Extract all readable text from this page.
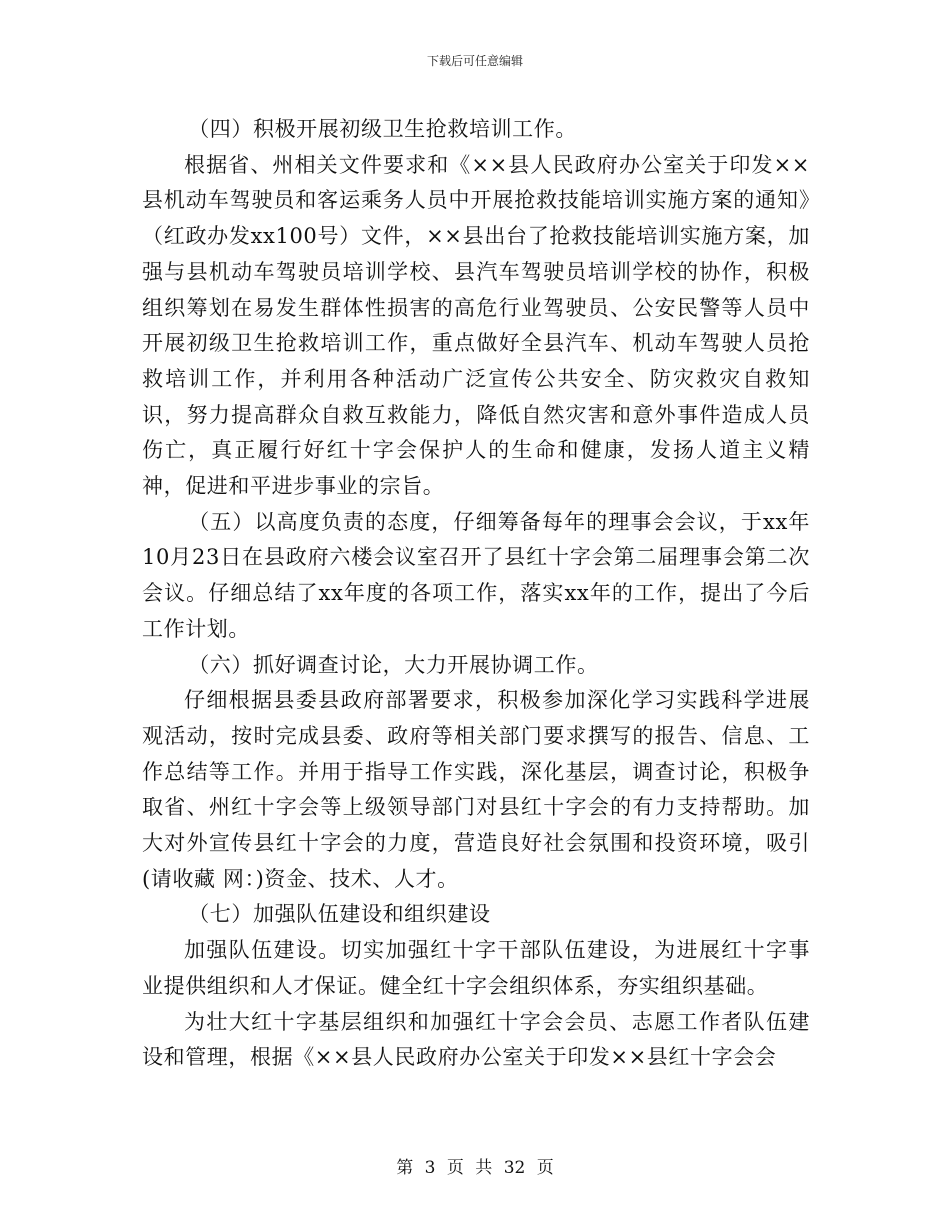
下载后可任意编辑

（四）积极开展初级卫生抢救培训工作。

根据省、州相关文件要求和《××县人民政府办公室关于印发××县机动车驾驶员和客运乘务人员中开展抢救技能培训实施方案的通知》（红政办发xx100号）文件，××县出台了抢救技能培训实施方案，加强与县机动车驾驶员培训学校、县汽车驾驶员培训学校的协作，积极组织筹划在易发生群体性损害的高危行业驾驶员、公安民警等人员中开展初级卫生抢救培训工作，重点做好全县汽车、机动车驾驶人员抢救培训工作，并利用各种活动广泛宣传公共安全、防灾救灾自救知识，努力提高群众自救互救能力，降低自然灾害和意外事件造成人员伤亡，真正履行好红十字会保护人的生命和健康，发扬人道主义精神，促进和平进步事业的宗旨。

（五）以高度负责的态度，仔细筹备每年的理事会会议，于xx年10月23日在县政府六楼会议室召开了县红十字会第二届理事会第二次会议。仔细总结了xx年度的各项工作，落实xx年的工作，提出了今后工作计划。

（六）抓好调查讨论，大力开展协调工作。

仔细根据县委县政府部署要求，积极参加深化学习实践科学进展观活动，按时完成县委、政府等相关部门要求撰写的报告、信息、工作总结等工作。并用于指导工作实践，深化基层，调查讨论，积极争取省、州红十字会等上级领导部门对县红十字会的有力支持帮助。加大对外宣传县红十字会的力度，营造良好社会氛围和投资环境，吸引(请收藏 网：)资金、技术、人才。

（七）加强队伍建设和组织建设

加强队伍建设。切实加强红十字干部队伍建设，为进展红十字事业提供组织和人才保证。健全红十字会组织体系，夯实组织基础。

为壮大红十字基层组织和加强红十字会会员、志愿工作者队伍建设和管理，根据《××县人民政府办公室关于印发××县红十字会会

第 3 页 共 32 页
